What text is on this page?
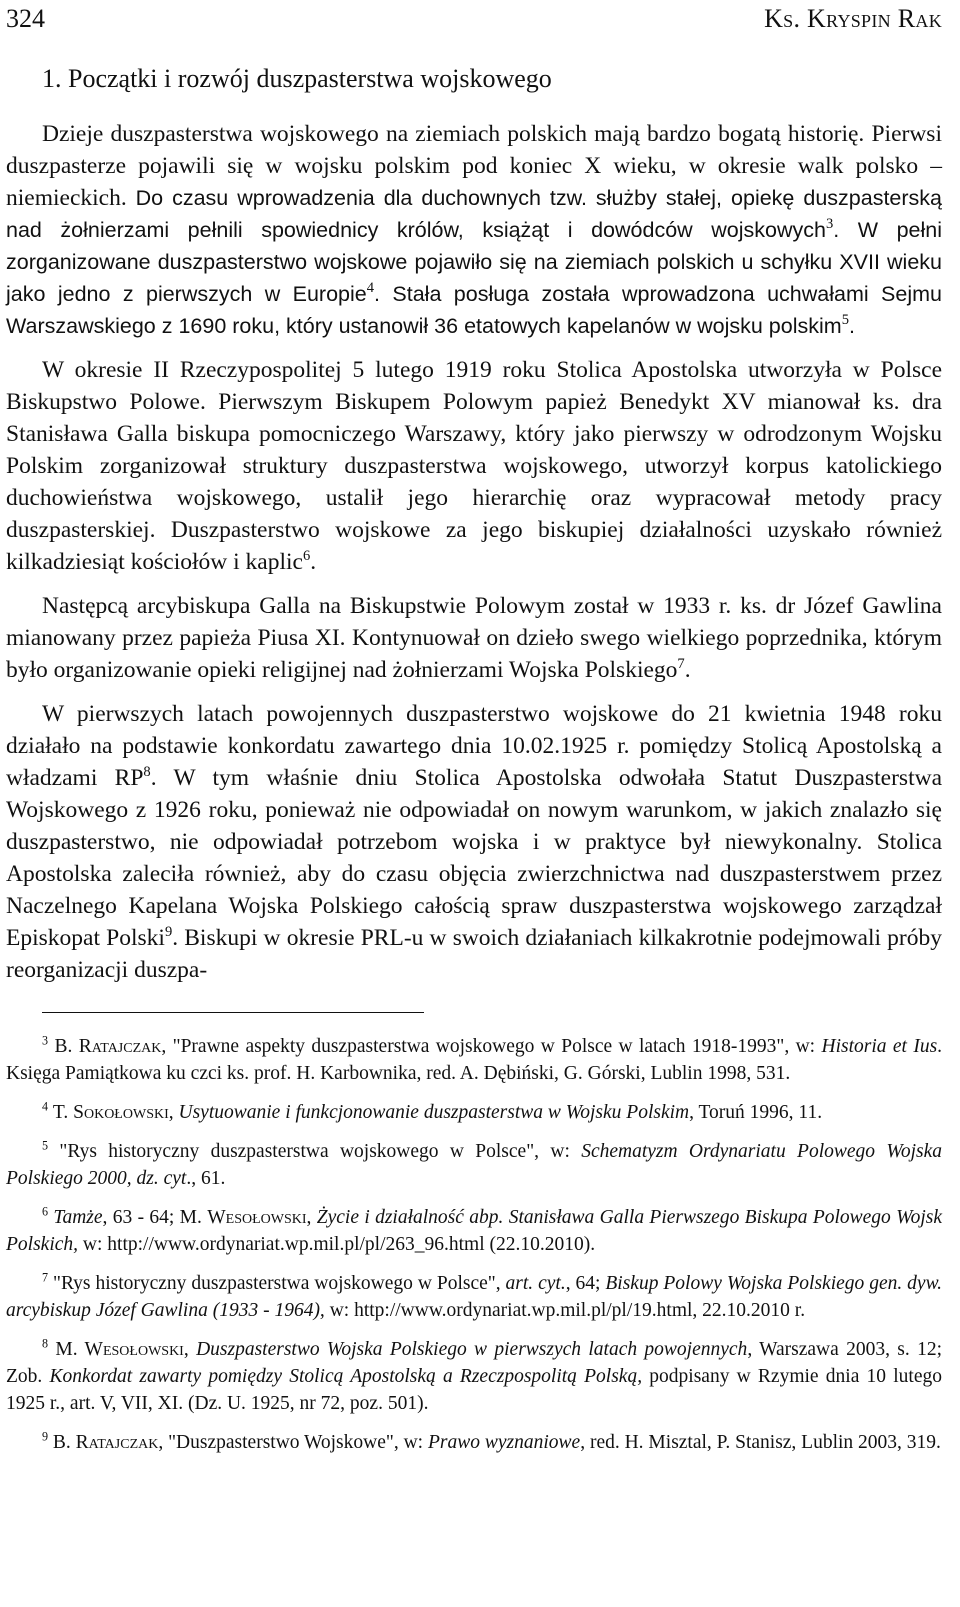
324	Ks. Kryspin Rak
1. Początki i rozwój duszpasterstwa wojskowego

Dzieje duszpasterstwa wojskowego na ziemiach polskich mają bardzo bogatą historię. Pierwsi duszpasterze pojawili się w wojsku polskim pod koniec X wieku, w okresie walk polsko – niemieckich. Do czasu wprowadzenia dla duchownych tzw. służby stałej, opiekę duszpasterską nad żołnierzami pełnili spowiednicy królów, książąt i dowódców wojskowych$^3$. W pełni zorganizowane duszpasterstwo wojskowe pojawiło się na ziemiach polskich u schyłku XVII wieku jako jedno z pierwszych w Europie$^4$. Stała posługa została wprowadzona uchwałami Sejmu Warszawskiego z 1690 roku, który ustanowił 36 etatowych kapelanów w wojsku polskim$^5$.

W okresie II Rzeczypospolitej 5 lutego 1919 roku Stolica Apostolska utworzyła w Polsce Biskupstwo Polowe. Pierwszym Biskupem Polowym papież Benedykt XV mianował ks. dra Stanisława Galla biskupa pomocniczego Warszawy, który jako pierwszy w odrodzonym Wojsku Polskim zorganizował struktury duszpasterstwa wojskowego, utworzył korpus katolickiego duchowieństwa wojskowego, ustalił jego hierarchię oraz wypracował metody pracy duszpasterskiej. Duszpasterstwo wojskowe za jego biskupiej działalności uzyskało również kilkadziesiąt kościołów i kaplic$^6$.

Następcą arcybiskupa Galla na Biskupstwie Polowym został w 1933 r. ks. dr Józef Gawlina mianowany przez papieża Piusa XI. Kontynuował on dzieło swego wielkiego poprzednika, którym było organizowanie opieki religijnej nad żołnierzami Wojska Polskiego$^7$.

W pierwszych latach powojennych duszpasterstwo wojskowe do 21 kwietnia 1948 roku działało na podstawie konkordatu zawartego dnia 10.02.1925 r. pomiędzy Stolicą Apostolską a władzami $RP^8$. W tym właśnie dniu Stolica Apostolska odwołała Statut Duszpasterstwa Wojskowego z 1926 roku, ponieważ nie odpowiadał on nowym warunkom, w jakich znalazło się duszpasterstwo, nie odpowiadał potrzebom wojska i w praktyce był niewykonalny. Stolica Apostolska zaleciła również, aby do czasu objęcia zwierzchnictwa nad duszpasterstwem przez Naczelnego Kapelana Wojska Polskiego całością spraw duszpasterstwa wojskowego zarządzał Episkopat Polski$^9$. Biskupi w okresie PRL-u w swoich działaniach kilkakrotnie podejmowali próby reorganizacji duszpa-

$^3$ B. Ratajczak, "Prawne aspekty duszpasterstwa wojskowego w Polsce w latach 1918-1993", w: Historia et Ius. Księga Pamiątkowa ku czci ks. prof. H. Karbownika, red. A. Dębiński, G. Górski, Lublin 1998, 531.
$^4$ T. Sokołowski, Usytuowanie i funkcjonowanie duszpasterstwa w Wojsku Polskim, Toruń 1996, 11.
$^5$ "Rys historyczny duszpasterstwa wojskowego w Polsce", w: Schematyzm Ordynariatu Polowego Wojska Polskiego 2000, dz. cyt., 61.
$^6$ Tamże, 63 - 64; M. Wesołowski, Życie i działalność abp. Stanisława Galla Pierwszego Biskupa Polowego Wojsk Polskich, w: http://www.ordynariat.wp.mil.pl/pl/263_96.html (22.10.2010).
$^7$ "Rys historyczny duszpasterstwa wojskowego w Polsce", art. cyt., 64; Biskup Polowy Wojska Polskiego gen. dyw. arcybiskup Józef Gawlina (1933 - 1964), w: http://www.ordynariat.wp.mil.pl/pl/19.html, 22.10.2010 r.
$^8$ M. Wesołowski, Duszpasterstwo Wojska Polskiego w pierwszych latach powojennych, Warszawa 2003, s. 12; Zob. Konkordat zawarty pomiędzy Stolicą Apostolską a Rzeczpospolitą Polską, podpisany w Rzymie dnia 10 lutego 1925 r., art. V, VII, XI. (Dz. U. 1925, nr 72, poz. 501).
$^9$ B. Ratajczak, "Duszpasterstwo Wojskowe", w: Prawo wyznaniowe, red. H. Misztal, P. Stanisz, Lublin 2003, 319.
